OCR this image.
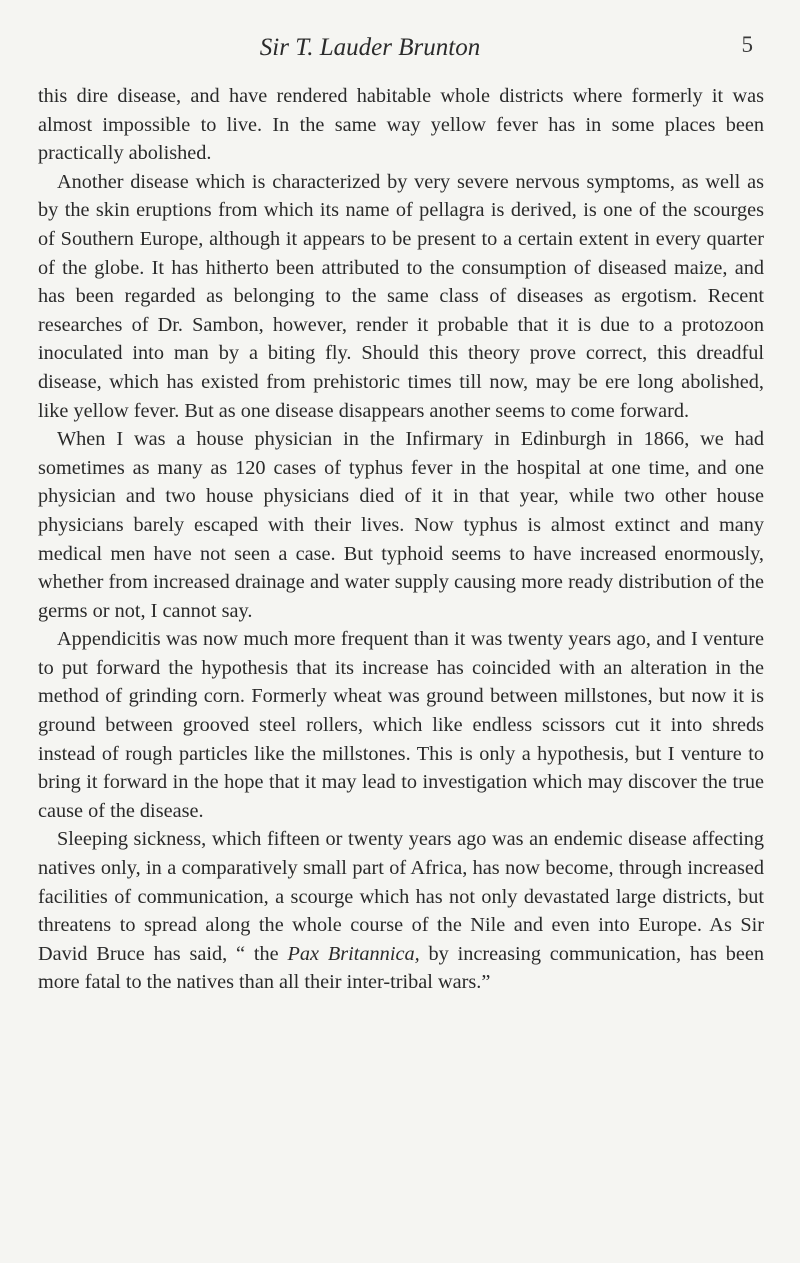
Sir T. Lauder Brunton	5

this dire disease, and have rendered habitable whole districts where formerly it was almost impossible to live. In the same way yellow fever has in some places been practically abolished.

Another disease which is characterized by very severe nervous symptoms, as well as by the skin eruptions from which its name of pellagra is derived, is one of the scourges of Southern Europe, although it appears to be present to a certain extent in every quarter of the globe. It has hitherto been attributed to the consumption of diseased maize, and has been regarded as belonging to the same class of diseases as ergotism. Recent researches of Dr. Sambon, however, render it probable that it is due to a protozoon inoculated into man by a biting fly. Should this theory prove correct, this dreadful disease, which has existed from prehistoric times till now, may be ere long abolished, like yellow fever. But as one disease disappears another seems to come forward.

When I was a house physician in the Infirmary in Edinburgh in 1866, we had sometimes as many as 120 cases of typhus fever in the hospital at one time, and one physician and two house physicians died of it in that year, while two other house physicians barely escaped with their lives. Now typhus is almost extinct and many medical men have not seen a case. But typhoid seems to have increased enormously, whether from increased drainage and water supply causing more ready distribution of the germs or not, I cannot say.

Appendicitis was now much more frequent than it was twenty years ago, and I venture to put forward the hypothesis that its increase has coincided with an alteration in the method of grinding corn. Formerly wheat was ground between millstones, but now it is ground between grooved steel rollers, which like endless scissors cut it into shreds instead of rough particles like the millstones. This is only a hypothesis, but I venture to bring it forward in the hope that it may lead to investigation which may discover the true cause of the disease.

Sleeping sickness, which fifteen or twenty years ago was an endemic disease affecting natives only, in a comparatively small part of Africa, has now become, through increased facilities of communication, a scourge which has not only devastated large districts, but threatens to spread along the whole course of the Nile and even into Europe. As Sir David Bruce has said, “ the Pax Britannica, by increasing communication, has been more fatal to the natives than all their inter-tribal wars.”
